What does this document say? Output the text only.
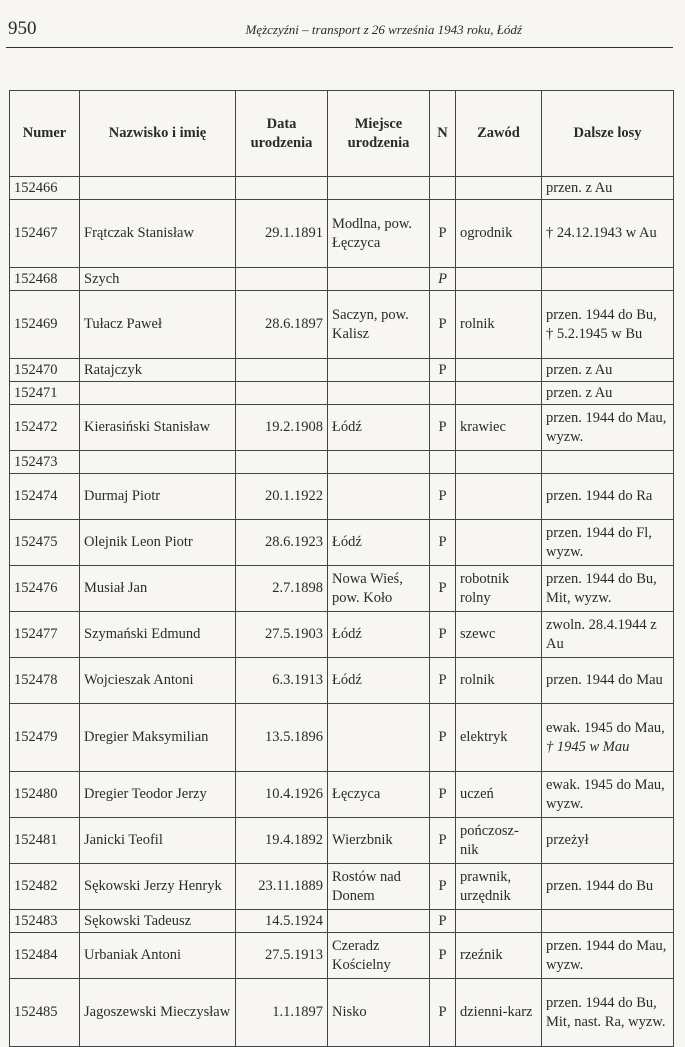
950	Mężczyźni – transport z 26 września 1943 roku, Łódź
Numer	Nazwisko i imię	Data urodzenia	Miejsce urodzenia	N	Zawód	Dalsze losy
152466						przen. z Au

152467	Frątczak Stanisław	29.1.1891	Modlna, pow. Łęczyca	P	ogrodnik	† 24.12.1943 w Au

152468	Szych			P		
152469	Tułacz Paweł	28.6.1897	Saczyn, pow. Kalisz	P	rolnik	przen. 1944 do Bu,
† 5.2.1945 w Bu

152470	Ratajczyk			P		przen. z Au

152471						przen. z Au

152472	Kierasiński Stanisław	19.2.1908	Łódź	P	krawiec	przen. 1944 do Mau, wyzw.

152473						
152474	Durmaj Piotr	20.1.1922		P		przen. 1944 do Ra

152475	Olejnik Leon Piotr	28.6.1923	Łódź	P		przen. 1944 do Fl, wyzw.

152476	Musiał Jan	2.7.1898	Nowa Wieś, pow. Koło	P	robotnik rolny	przen. 1944 do Bu, Mit, wyzw.

152477	Szymański Edmund	27.5.1903	Łódź	P	szewc	zwoln. 28.4.1944 z Au

152478	Wojcieszak Antoni	6.3.1913	Łódź	P	rolnik	przen. 1944 do Mau

152479	Dregier Maksymilian	13.5.1896		P	elektryk	ewak. 1945 do Mau,
† 1945 w Mau

152480	Dregier Teodor Jerzy	10.4.1926	Łęczyca	P	uczeń	ewak. 1945 do Mau, wyzw.

152481	Janicki Teofil	19.4.1892	Wierzbnik	P	pończosz-nik	przeżył

152482	Sękowski Jerzy Henryk	23.11.1889	Rostów nad Donem	P	prawnik, urzędnik	przen. 1944 do Bu

152483	Sękowski Tadeusz	14.5.1924		P		
152484	Urbaniak Antoni	27.5.1913	Czeradz Kościelny	P	rzeźnik	przen. 1944 do Mau, wyzw.

152485	Jagoszewski Mieczysław	1.1.1897	Nisko	P	dzienni-karz	przen. 1944 do Bu, Mit, nast. Ra, wyzw.
